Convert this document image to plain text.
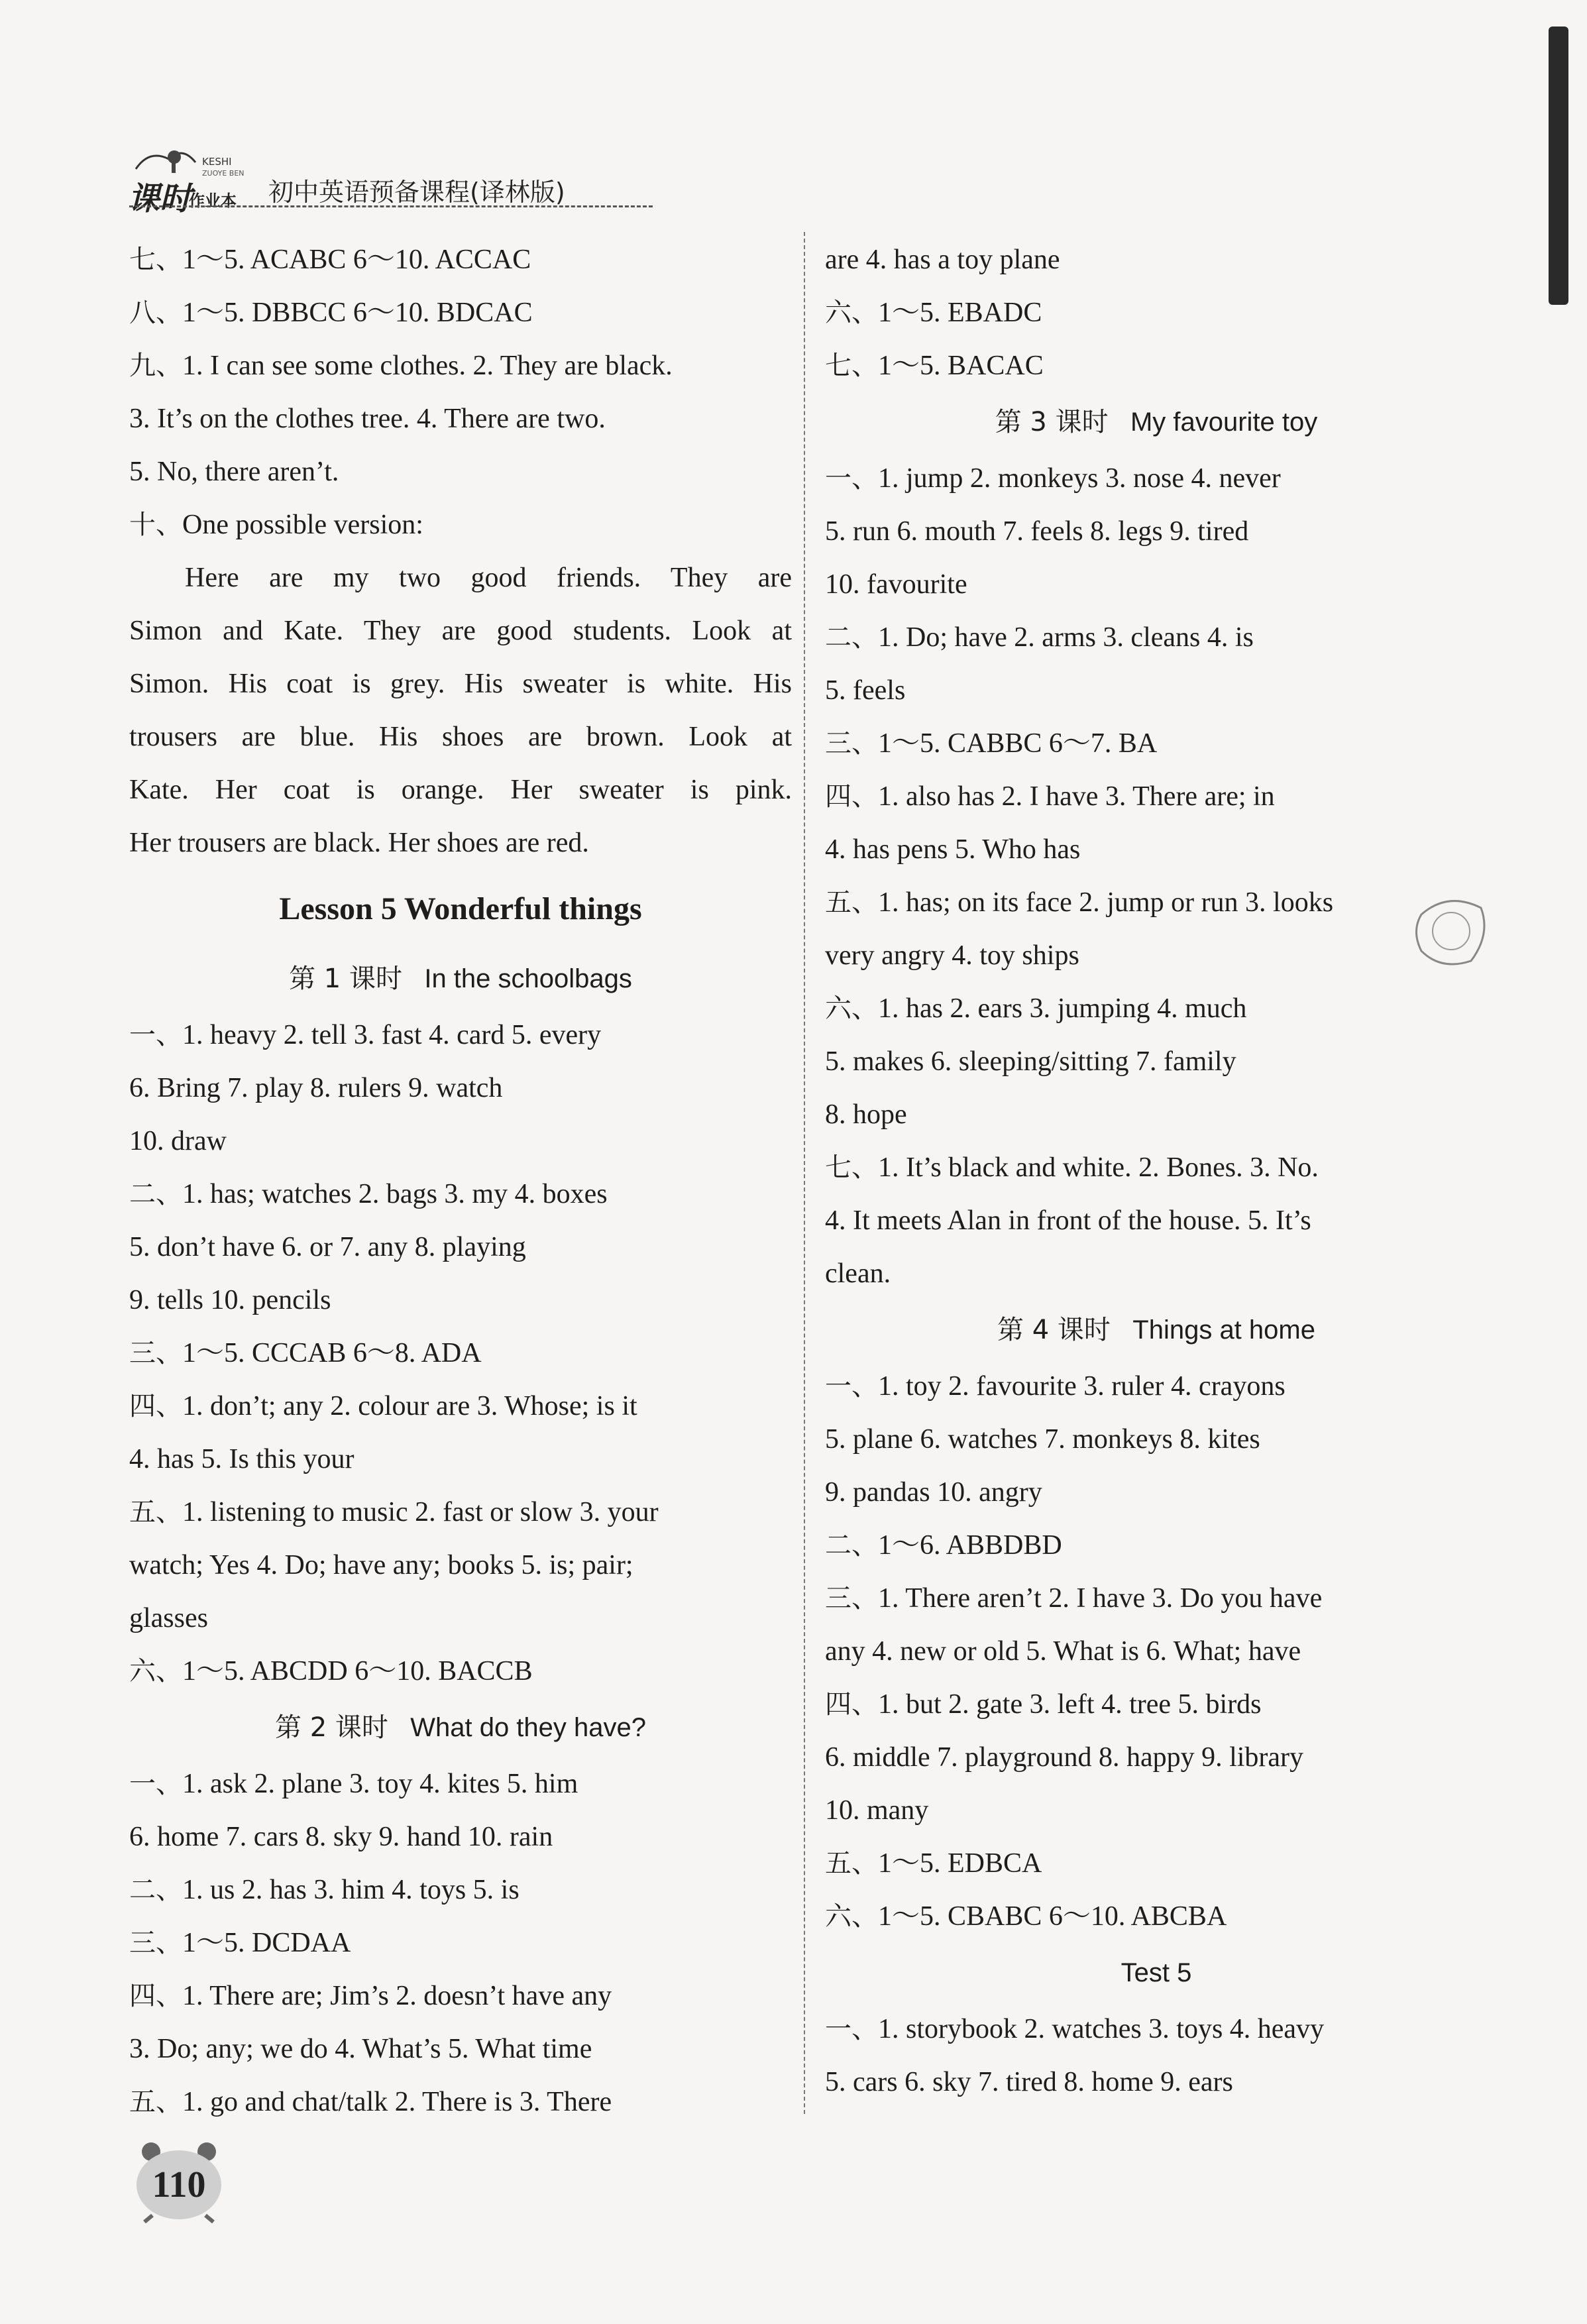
KESHI
ZUOYE BEN
课时
作业本 初中英语预备课程(译林版)
七、1～5. ACABC 6～10. ACCAC
八、1～5. DBBCC 6～10. BDCAC
九、1. I can see some clothes. 2. They are black.
3. It’s on the clothes tree. 4. There are two.
5. No, there aren’t.
十、One possible version:
Here are my two good friends. They are
Simon and Kate. They are good students. Look at
Simon. His coat is grey. His sweater is white. His
trousers are blue. His shoes are brown. Look at
Kate. Her coat is orange. Her sweater is pink.
Her trousers are black. Her shoes are red.
Lesson 5 Wonderful things
第 1 课时 In the schoolbags
一、1. heavy 2. tell 3. fast 4. card 5. every
6. Bring 7. play 8. rulers 9. watch
10. draw
二、1. has; watches 2. bags 3. my 4. boxes
5. don’t have 6. or 7. any 8. playing
9. tells 10. pencils
三、1～5. CCCAB 6～8. ADA
四、1. don’t; any 2. colour are 3. Whose; is it
4. has 5. Is this your
五、1. listening to music 2. fast or slow 3. your
watch; Yes 4. Do; have any; books 5. is; pair;
glasses
六、1～5. ABCDD 6～10. BACCB
第 2 课时 What do they have?
一、1. ask 2. plane 3. toy 4. kites 5. him
6. home 7. cars 8. sky 9. hand 10. rain
二、1. us 2. has 3. him 4. toys 5. is
三、1～5. DCDAA
四、1. There are; Jim’s 2. doesn’t have any
3. Do; any; we do 4. What’s 5. What time
五、1. go and chat/talk 2. There is 3. There
are 4. has a toy plane
六、1～5. EBADC
七、1～5. BACAC
第 3 课时 My favourite toy
一、1. jump 2. monkeys 3. nose 4. never
5. run 6. mouth 7. feels 8. legs 9. tired
10. favourite
二、1. Do; have 2. arms 3. cleans 4. is
5. feels
三、1～5. CABBC 6～7. BA
四、1. also has 2. I have 3. There are; in
4. has pens 5. Who has
五、1. has; on its face 2. jump or run 3. looks
very angry 4. toy ships
六、1. has 2. ears 3. jumping 4. much
5. makes 6. sleeping/sitting 7. family
8. hope
七、1. It’s black and white. 2. Bones. 3. No.
4. It meets Alan in front of the house. 5. It’s
clean.
第 4 课时 Things at home
一、1. toy 2. favourite 3. ruler 4. crayons
5. plane 6. watches 7. monkeys 8. kites
9. pandas 10. angry
二、1～6. ABBDBD
三、1. There aren’t 2. I have 3. Do you have
any 4. new or old 5. What is 6. What; have
四、1. but 2. gate 3. left 4. tree 5. birds
6. middle 7. playground 8. happy 9. library
10. many
五、1～5. EDBCA
六、1～5. CBABC 6～10. ABCBA
Test 5
一、1. storybook 2. watches 3. toys 4. heavy
5. cars 6. sky 7. tired 8. home 9. ears
110
